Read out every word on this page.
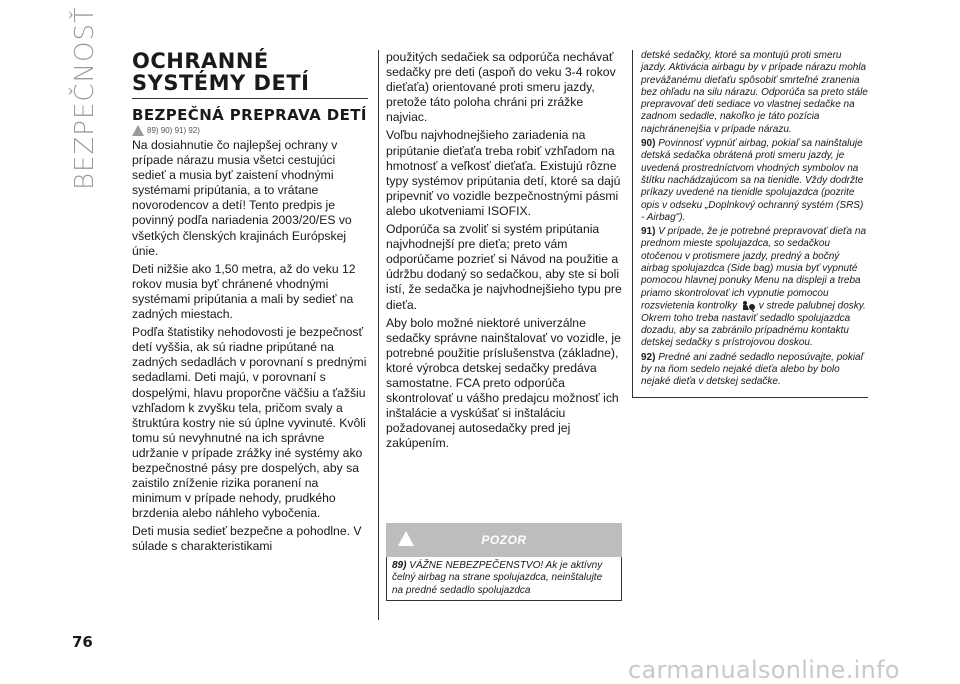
BEZPEČNOSŤ OCHRANNÉ SYSTÉMY DETÍ
BEZPEČNÁ PREPRAVA DETÍ
89) 90) 91) 92)

Na dosiahnutie čo najlepšej ochrany v prípade nárazu musia všetci cestujúci sedieť a musia byť zaistení vhodnými systémami pripútania, a to vrátane novorodencov a detí! Tento predpis je povinný podľa nariadenia 2003/20/ES vo všetkých členských krajinách Európskej únie.

Deti nižšie ako 1,50 metra, až do veku 12 rokov musia byť chránené vhodnými systémami pripútania a mali by sedieť na zadných miestach.

Podľa štatistiky nehodovosti je bezpečnosť detí vyššia, ak sú riadne pripútané na zadných sedadlách v porovnaní s prednými sedadlami. Deti majú, v porovnaní s dospelými, hlavu proporčne väčšiu a ťažšiu vzhľadom k zvyšku tela, pričom svaly a štruktúra kostry nie sú úplne vyvinuté. Kvôli tomu sú nevyhnutné na ich správne udržanie v prípade zrážky iné systémy ako bezpečnostné pásy pre dospelých, aby sa zaistilo zníženie rizika poranení na minimum v prípade nehody, prudkého brzdenia alebo náhleho vybočenia.

Deti musia sedieť bezpečne a pohodlne. V súlade s charakteristikami

použitých sedačiek sa odporúča nechávať sedačky pre deti (aspoň do veku 3-4 rokov dieťaťa) orientované proti smeru jazdy, pretože táto poloha chráni pri zrážke najviac.

Voľbu najvhodnejšieho zariadenia na pripútanie dieťaťa treba robiť vzhľadom na hmotnosť a veľkosť dieťaťa. Existujú rôzne typy systémov pripútania detí, ktoré sa dajú pripevniť vo vozidle bezpečnostnými pásmi alebo ukotveniami ISOFIX.

Odporúča sa zvoliť si systém pripútania najvhodnejší pre dieťa; preto vám odporúčame pozrieť si Návod na použitie a údržbu dodaný so sedačkou, aby ste si boli istí, že sedačka je najvhodnejšieho typu pre dieťa.

Aby bolo možné niektoré univerzálne sedačky správne nainštalovať vo vozidle, je potrebné použitie príslušenstva (základne), ktoré výrobca detskej sedačky predáva samostatne. FCA preto odporúča skontrolovať u vášho predajcu možnosť ich inštalácie a vyskúšať si inštaláciu požadovanej autosedačky pred jej zakúpením.

POZOR

89) VÁŽNE NEBEZPEČENSTVO! Ak je aktívny čelný airbag na strane spolujazdca, neinštalujte na predné sedadlo spolujazdca

detské sedačky, ktoré sa montujú proti smeru jazdy. Aktivácia airbagu by v prípade nárazu mohla prevážanému dieťaťu spôsobiť smrteľné zranenia bez ohľadu na silu nárazu. Odporúča sa preto stále prepravovať deti sediace vo vlastnej sedačke na zadnom sedadle, nakoľko je táto pozícia najchránenejšia v prípade nárazu.

90) Povinnosť vypnúť airbag, pokiaľ sa nainštaluje detská sedačka obrátená proti smeru jazdy, je uvedená prostredníctvom vhodných symbolov na štítku nachádzajúcom sa na tienidle. Vždy dodržte príkazy uvedené na tienidle spolujazdca (pozrite opis v odseku „Doplnkový ochranný systém (SRS) - Airbag").

91) V prípade, že je potrebné prepravovať dieťa na prednom mieste spolujazdca, so sedačkou otočenou v protismere jazdy, predný a bočný airbag spolujazdca (Side bag) musia byť vypnuté pomocou hlavnej ponuky Menu na displeji a treba priamo skontrolovať ich vypnutie pomocou rozsvietenia kontrolky v strede palubnej dosky. Okrem toho treba nastaviť sedadlo spolujazdca dozadu, aby sa zabránilo prípadnému kontaktu detskej sedačky s prístrojovou doskou.

92) Predné ani zadné sedadlo neposúvajte, pokiaľ by na ňom sedelo nejaké dieťa alebo by bolo nejaké dieťa v detskej sedačke.

76
carmanualsonline.info
